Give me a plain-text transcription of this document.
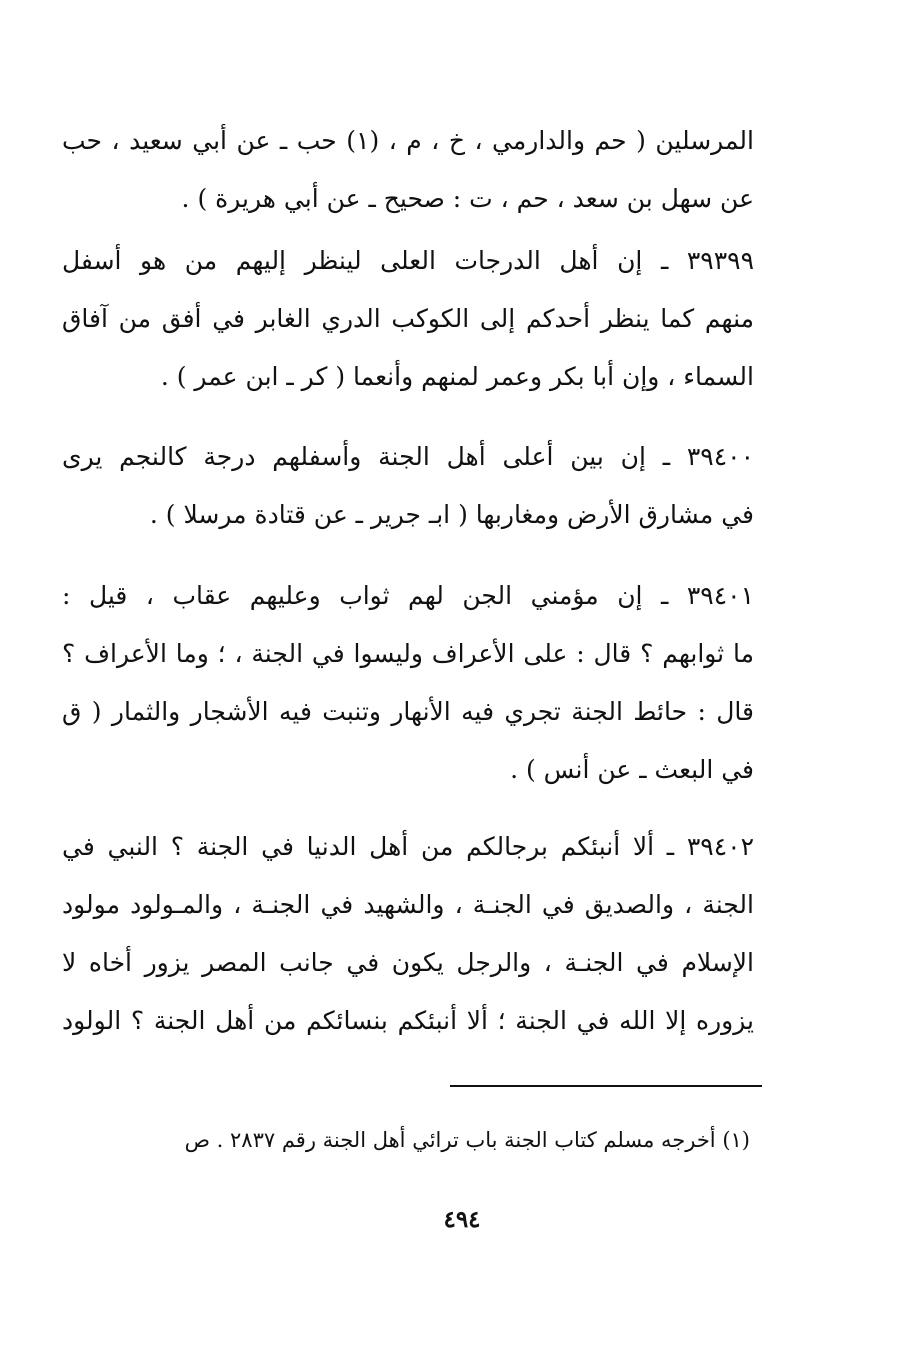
المرسلين ( حم والدارمي ، خ ، م ، (١) حب ـ عن أبي سعيد ، حب
عن سهل بن سعد ، حم ، ت : صحيح ـ عن أبي هريرة ) .
٣٩٣٩٩ ـ إن أهل الدرجات العلى لينظر إليهم من هو أسفل
منهم كما ينظر أحدكم إلى الكوكب الدري الغابر في أفق من آفاق
السماء ، وإن أبا بكر وعمر لمنهم وأنعما ( كر ـ ابن عمر ) .
٣٩٤٠٠ ـ إن بين أعلى أهل الجنة وأسفلهم درجة كالنجم يرى
في مشارق الأرض ومغاربها ( ابـ جرير ـ عن قتادة مرسلا ) .
٣٩٤٠١ ـ إن مؤمني الجن لهم ثواب وعليهم عقاب ، قيل :
ما ثوابهم ؟ قال : على الأعراف وليسوا في الجنة ، ؛ وما الأعراف ؟
قال : حائط الجنة تجري فيه الأنهار وتنبت فيه الأشجار والثمار ( ق
في البعث ـ عن أنس ) .
٣٩٤٠٢ ـ ألا أنبئكم برجالكم من أهل الدنيا في الجنة ؟ النبي في
الجنة ، والصديق في الجنـة ، والشهيد في الجنـة ، والمـولود مولود
الإسلام في الجنـة ، والرجل يكون في جانب المصر يزور أخاه لا
يزوره إلا الله في الجنة ؛ ألا أنبئكم بنسائكم من أهل الجنة ؟ الولود
(١) أخرجه مسلم كتاب الجنة باب ترائي أهل الجنة رقم ٢٨٣٧ . ص
٤٩٤
